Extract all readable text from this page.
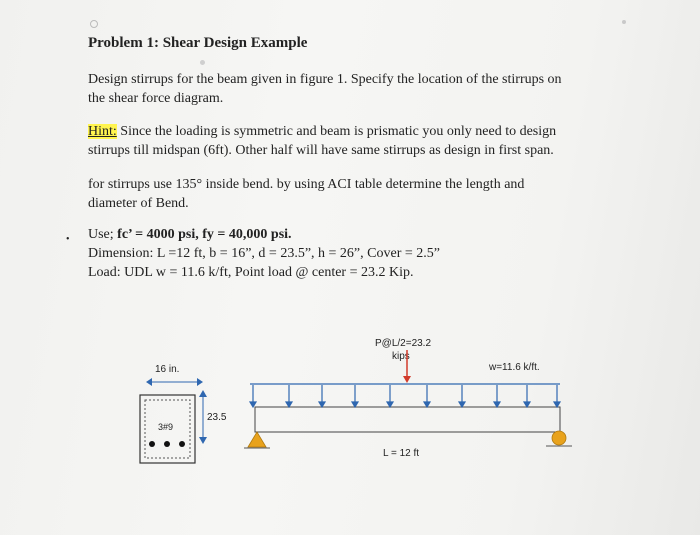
Problem 1: Shear Design Example
Design stirrups for the beam given in figure 1. Specify the location of the stirrups on
the shear force diagram.
Hint: Since the loading is symmetric and beam is prismatic you only need to design
stirrups till midspan (6ft). Other half will have same stirrups as design in first span.
for stirrups use 135° inside bend. by using ACI table determine the length and
diameter of Bend.
• Use; fc’ = 4000 psi, fy = 40,000 psi.
Dimension: L =12 ft, b = 16”, d = 23.5”, h = 26”, Cover = 2.5”
Load: UDL w = 11.6 k/ft, Point load @ center = 23.2 Kip.
16 in.
3#9
23.5
P@L/2=23.2
kips
w=11.6 k/ft.
L = 12 ft
